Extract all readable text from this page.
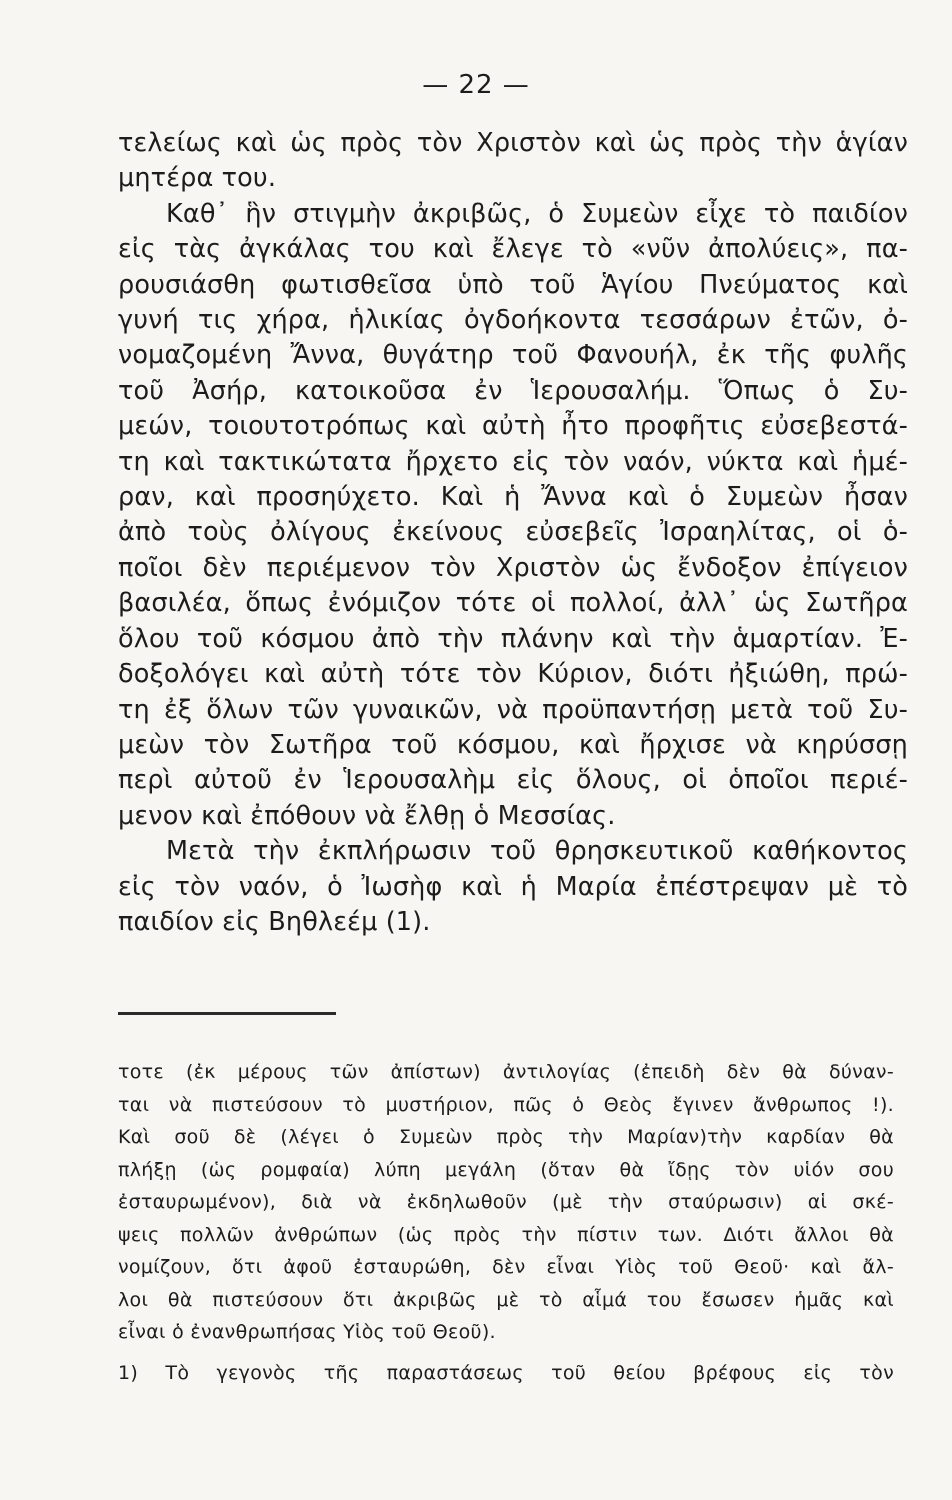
— 22 —
τελείως καὶ ὡς πρὸς τὸν Χριστὸν καὶ ὡς πρὸς τὴν ἁγίαν
μητέρα του.
Καθ᾽ ἣν στιγμὴν ἀκριβῶς, ὁ Συμεὼν εἶχε τὸ παιδίον
εἰς τὰς ἀγκάλας του καὶ ἔλεγε τὸ «νῦν ἀπολύεις», πα-
ρουσιάσθη φωτισθεῖσα ὑπὸ τοῦ Ἁγίου Πνεύματος καὶ
γυνή τις χήρα, ἡλικίας ὀγδοήκοντα τεσσάρων ἐτῶν, ὀ-
νομαζομένη Ἄννα, θυγάτηρ τοῦ Φανουήλ, ἐκ τῆς φυλῆς
τοῦ Ἀσήρ, κατοικοῦσα ἐν Ἱερουσαλήμ. Ὅπως ὁ Συ-
μεών, τοιουτοτρόπως καὶ αὐτὴ ἦτο προφῆτις εὐσεβεστά-
τη καὶ τακτικώτατα ἤρχετο εἰς τὸν ναόν, νύκτα καὶ ἡμέ-
ραν, καὶ προσηύχετο. Καὶ ἡ Ἄννα καὶ ὁ Συμεὼν ἦσαν
ἀπὸ τοὺς ὀλίγους ἐκείνους εὐσεβεῖς Ἰσραηλίτας, οἱ ὁ-
ποῖοι δὲν περιέμενον τὸν Χριστὸν ὡς ἔνδοξον ἐπίγειον
βασιλέα, ὅπως ἐνόμιζον τότε οἱ πολλοί, ἀλλ᾽ ὡς Σωτῆρα
ὅλου τοῦ κόσμου ἀπὸ τὴν πλάνην καὶ τὴν ἁμαρτίαν. Ἐ-
δοξολόγει καὶ αὐτὴ τότε τὸν Κύριον, διότι ἠξιώθη, πρώ-
τη ἐξ ὅλων τῶν γυναικῶν, νὰ προϋπαντήσῃ μετὰ τοῦ Συ-
μεὼν τὸν Σωτῆρα τοῦ κόσμου, καὶ ἤρχισε νὰ κηρύσσῃ
περὶ αὐτοῦ ἐν Ἱερουσαλὴμ εἰς ὅλους, οἱ ὁποῖοι περιέ-
μενον καὶ ἐπόθουν νὰ ἔλθῃ ὁ Μεσσίας.
Μετὰ τὴν ἐκπλήρωσιν τοῦ θρησκευτικοῦ καθήκοντος
εἰς τὸν ναόν, ὁ Ἰωσὴφ καὶ ἡ Μαρία ἐπέστρεψαν μὲ τὸ
παιδίον εἰς Βηθλεέμ (1).
τοτε (ἐκ μέρους τῶν ἀπίστων) ἀντιλογίας (ἐπειδὴ δὲν θὰ δύναν-
ται νὰ πιστεύσουν τὸ μυστήριον, πῶς ὁ Θεὸς ἔγινεν ἄνθρωπος !).
Καὶ σοῦ δὲ (λέγει ὁ Συμεὼν πρὸς τὴν Μαρίαν)τὴν καρδίαν θὰ
πλήξῃ (ὡς ρομφαία) λύπη μεγάλη (ὅταν θὰ ἴδῃς τὸν υἱόν σου
ἐσταυρωμένον), διὰ νὰ ἐκδηλωθοῦν (μὲ τὴν σταύρωσιν) αἱ σκέ-
ψεις πολλῶν ἀνθρώπων (ὡς πρὸς τὴν πίστιν των. Διότι ἄλλοι θὰ
νομίζουν, ὅτι ἀφοῦ ἐσταυρώθη, δὲν εἶναι Υἱὸς τοῦ Θεοῦ· καὶ ἄλ-
λοι θὰ πιστεύσουν ὅτι ἀκριβῶς μὲ τὸ αἷμά του ἔσωσεν ἡμᾶς καὶ
εἶναι ὁ ἐνανθρωπήσας Υἱὸς τοῦ Θεοῦ).
1) Τὸ γεγονὸς τῆς παραστάσεως τοῦ θείου βρέφους εἰς τὸν
